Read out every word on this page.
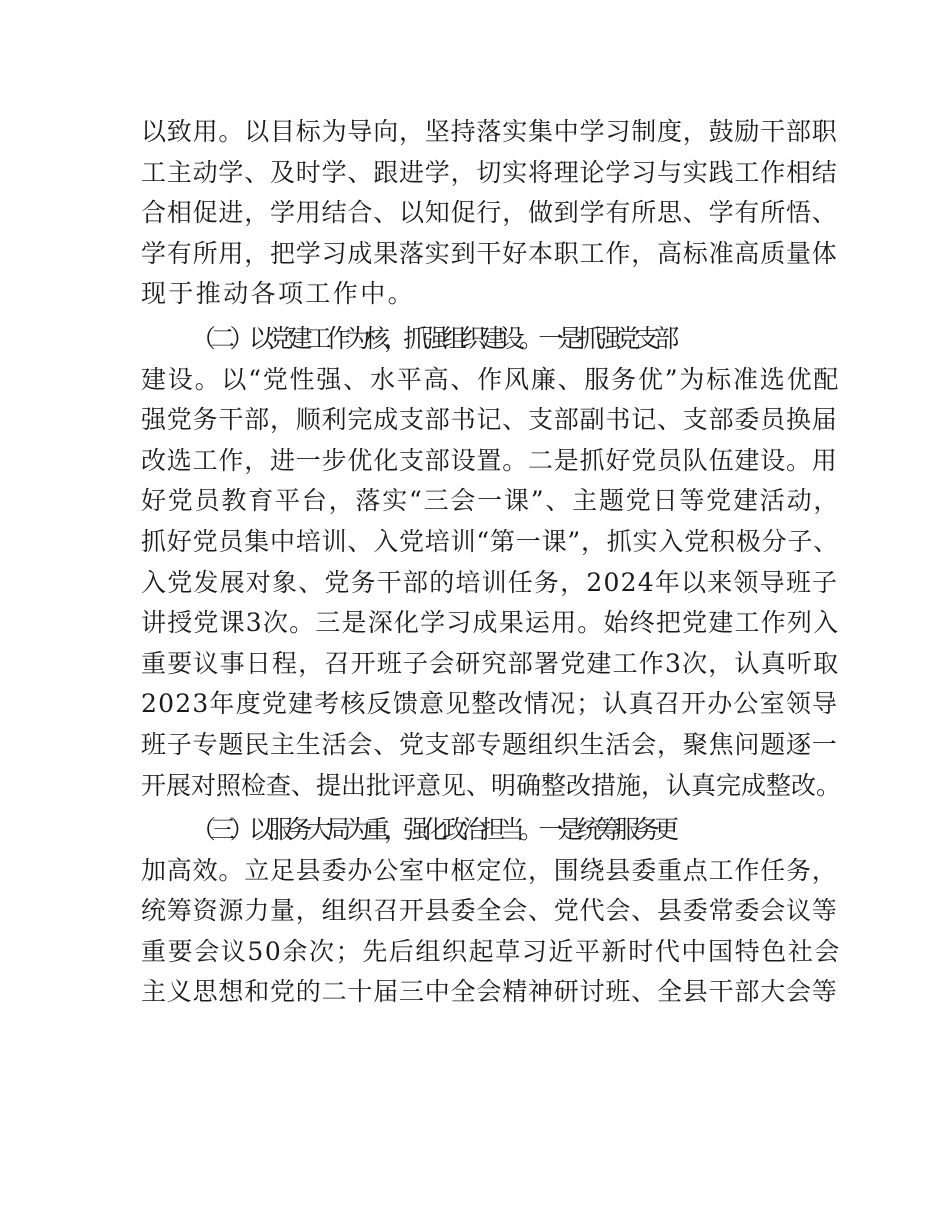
以致用。以目标为导向，坚持落实集中学习制度，鼓励干部职
工主动学、及时学、跟进学，切实将理论学习与实践工作相结
合相促进，学用结合、以知促行，做到学有所思、学有所悟、
学有所用，把学习成果落实到干好本职工作，高标准高质量体
现于推动各项工作中。
（二）以党建工作为核，抓强组织建设。一是抓强党支部
建设。以“党性强、水平高、作风廉、服务优”为标准选优配
强党务干部，顺利完成支部书记、支部副书记、支部委员换届
改选工作，进一步优化支部设置。二是抓好党员队伍建设。用
好党员教育平台，落实“三会一课”、主题党日等党建活动，
抓好党员集中培训、入党培训“第一课”，抓实入党积极分子、
入党发展对象、党务干部的培训任务，2024年以来领导班子
讲授党课3次。三是深化学习成果运用。始终把党建工作列入
重要议事日程，召开班子会研究部署党建工作3次，认真听取
2023年度党建考核反馈意见整改情况；认真召开办公室领导
班子专题民主生活会、党支部专题组织生活会，聚焦问题逐一
开展对照检查、提出批评意见、明确整改措施，认真完成整改。
（三）以服务大局为重，强化政治担当。一是统筹服务更
加高效。立足县委办公室中枢定位，围绕县委重点工作任务，
统筹资源力量，组织召开县委全会、党代会、县委常委会议等
重要会议50余次；先后组织起草习近平新时代中国特色社会
主义思想和党的二十届三中全会精神研讨班、全县干部大会等
